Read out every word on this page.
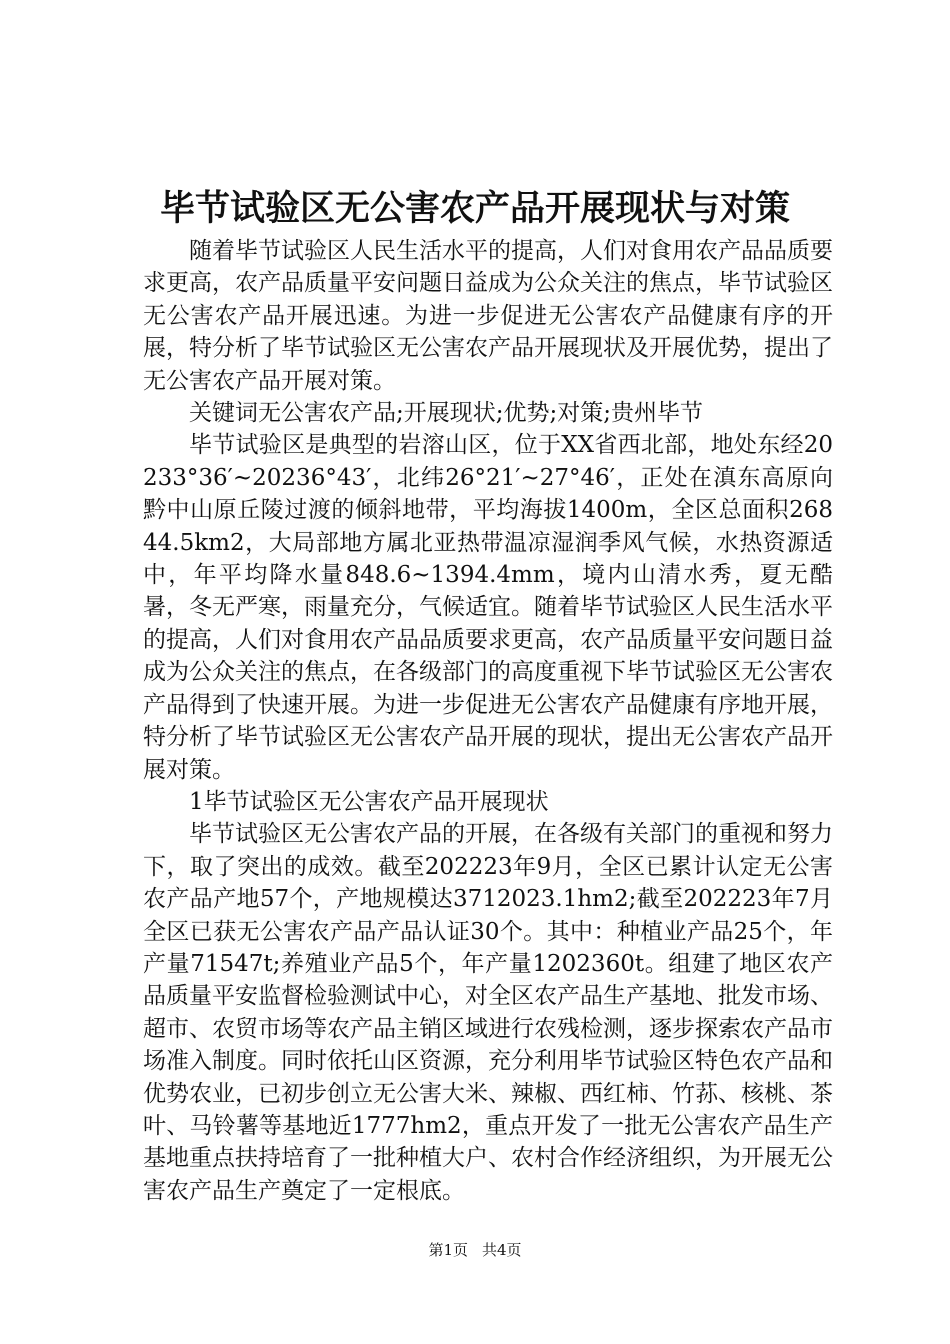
毕节试验区无公害农产品开展现状与对策

随着毕节试验区人民生活水平的提高，人们对食用农产品品质要求更高，农产品质量平安问题日益成为公众关注的焦点，毕节试验区无公害农产品开展迅速。为进一步促进无公害农产品健康有序的开展，特分析了毕节试验区无公害农产品开展现状及开展优势，提出了无公害农产品开展对策。

关键词无公害农产品;开展现状;优势;对策;贵州毕节

毕节试验区是典型的岩溶山区，位于XX省西北部，地处东经20233°36′~20236°43′，北纬26°21′~27°46′，正处在滇东高原向黔中山原丘陵过渡的倾斜地带，平均海拔1400m，全区总面积26844.5km2，大局部地方属北亚热带温凉湿润季风气候，水热资源适中，年平均降水量848.6~1394.4mm，境内山清水秀，夏无酷暑，冬无严寒，雨量充分，气候适宜。随着毕节试验区人民生活水平的提高，人们对食用农产品品质要求更高，农产品质量平安问题日益成为公众关注的焦点，在各级部门的高度重视下毕节试验区无公害农产品得到了快速开展。为进一步促进无公害农产品健康有序地开展，特分析了毕节试验区无公害农产品开展的现状，提出无公害农产品开展对策。

1毕节试验区无公害农产品开展现状

毕节试验区无公害农产品的开展，在各级有关部门的重视和努力下，取了突出的成效。截至202223年9月，全区已累计认定无公害农产品产地57个，产地规模达3712023.1hm2;截至202223年7月全区已获无公害农产品产品认证30个。其中：种植业产品25个，年产量71547t;养殖业产品5个，年产量1202360t。组建了地区农产品质量平安监督检验测试中心，对全区农产品生产基地、批发市场、超市、农贸市场等农产品主销区域进行农残检测，逐步探索农产品市场准入制度。同时依托山区资源，充分利用毕节试验区特色农产品和优势农业，已初步创立无公害大米、辣椒、西红柿、竹荪、核桃、茶叶、马铃薯等基地近1777hm2，重点开发了一批无公害农产品生产基地重点扶持培育了一批种植大户、农村合作经济组织，为开展无公害农产品生产奠定了一定根底。

第1页 共4页
